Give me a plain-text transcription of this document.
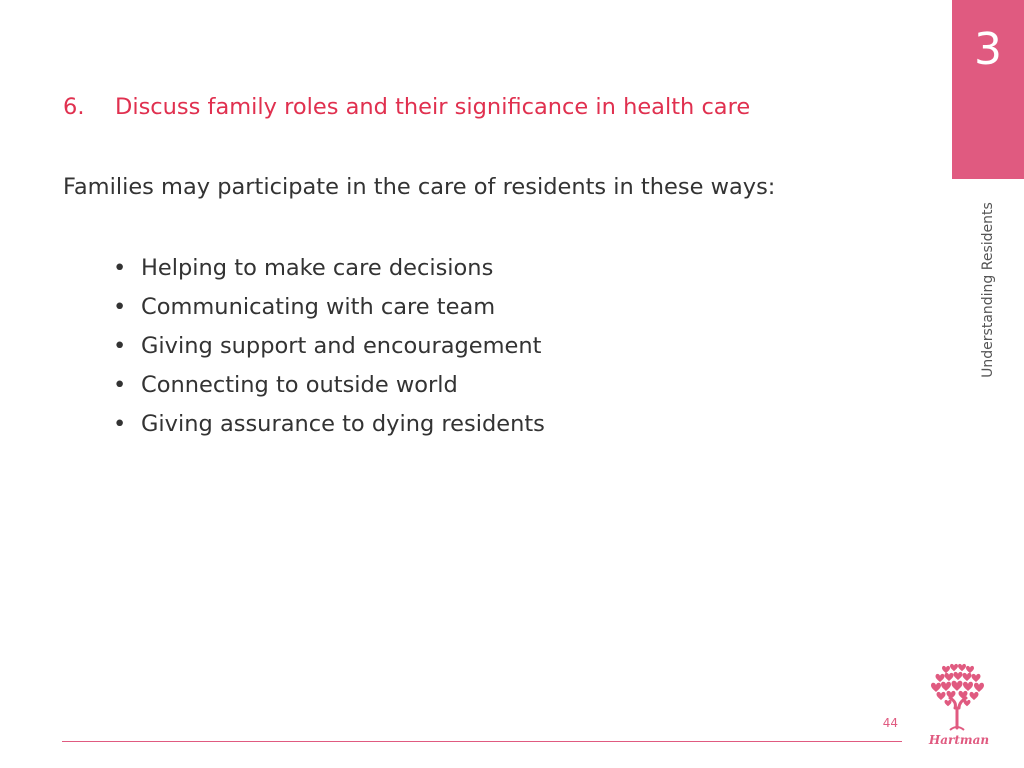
3
Understanding Residents
6. Discuss family roles and their significance in health care
Families may participate in the care of residents in these ways:
• Helping to make care decisions
• Communicating with care team
• Giving support and encouragement
• Connecting to outside world
• Giving assurance to dying residents
44
Hartman
